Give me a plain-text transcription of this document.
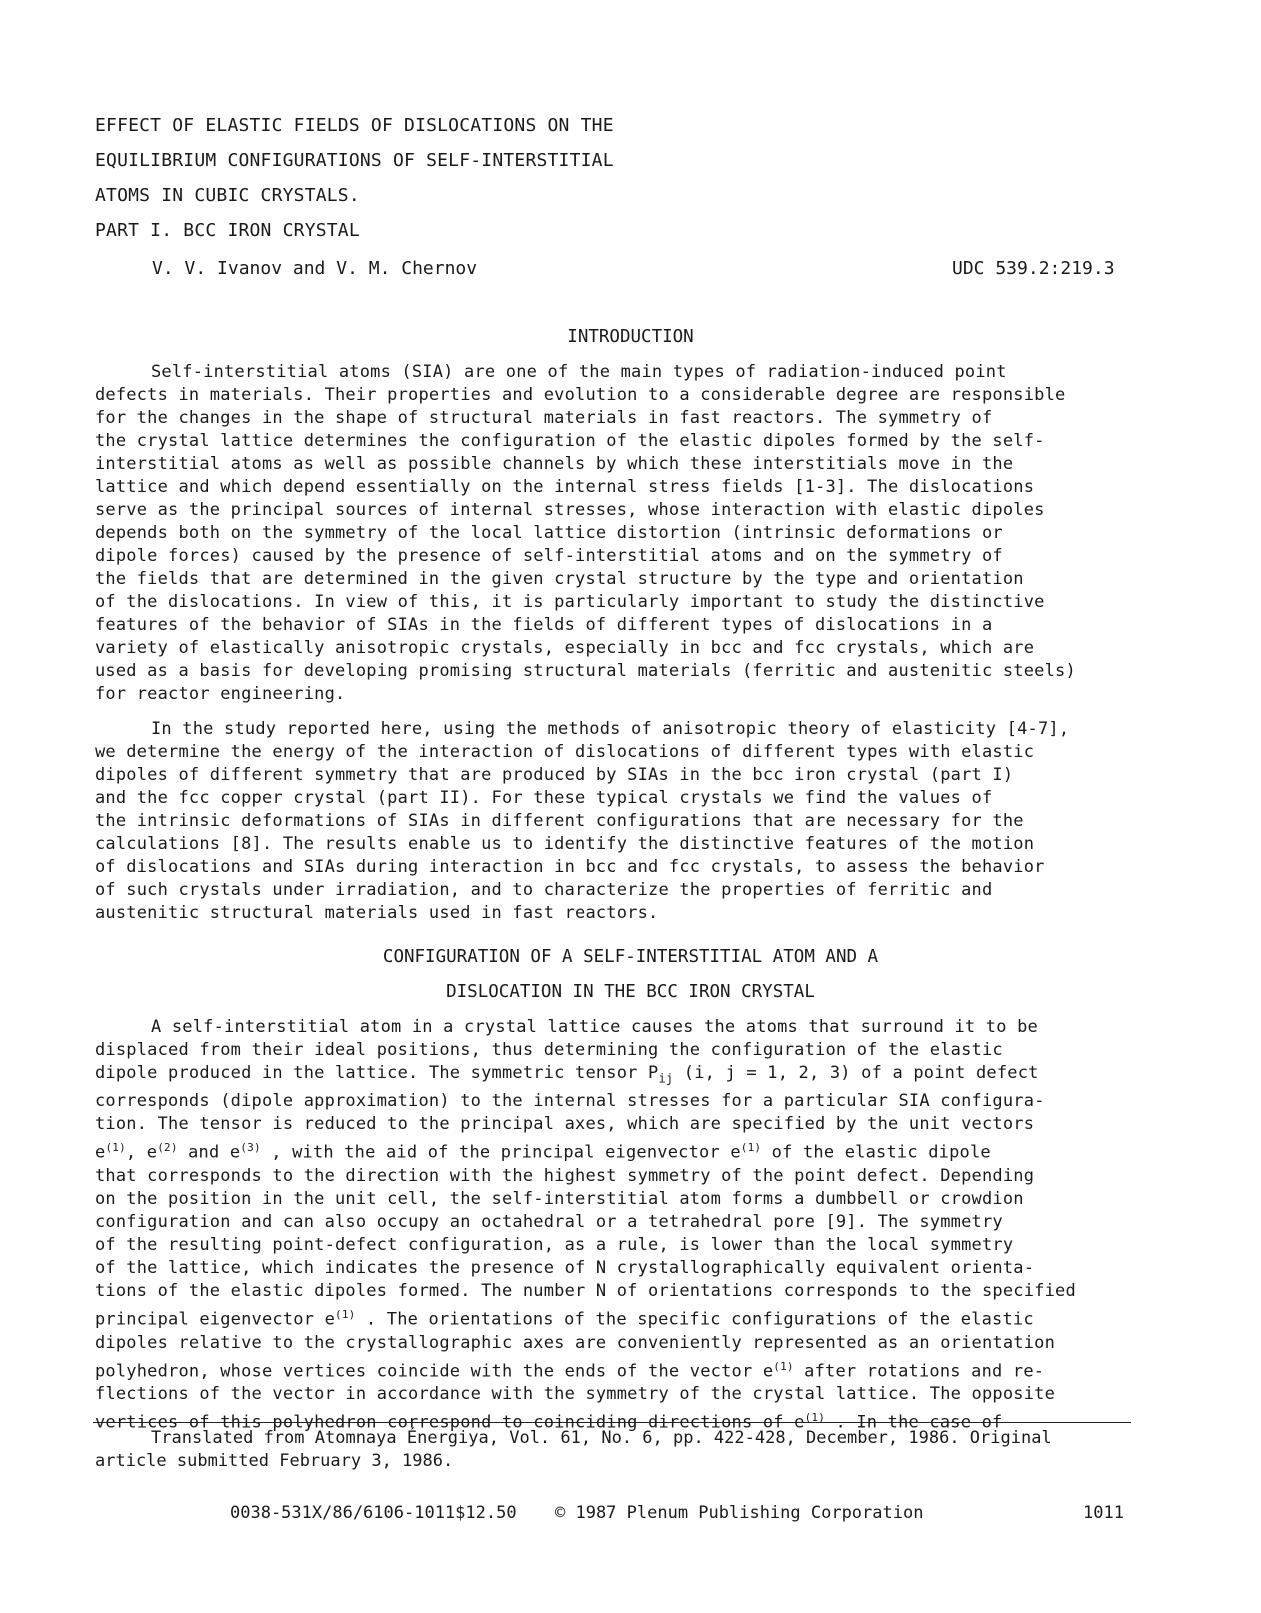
EFFECT OF ELASTIC FIELDS OF DISLOCATIONS ON THE
EQUILIBRIUM CONFIGURATIONS OF SELF-INTERSTITIAL
ATOMS IN CUBIC CRYSTALS.
PART I. BCC IRON CRYSTAL
V. V. Ivanov and V. M. Chernov	UDC 539.2:219.3
INTRODUCTION
Self-interstitial atoms (SIA) are one of the main types of radiation-induced point
defects in materials. Their properties and evolution to a considerable degree are responsible
for the changes in the shape of structural materials in fast reactors. The symmetry of
the crystal lattice determines the configuration of the elastic dipoles formed by the self-
interstitial atoms as well as possible channels by which these interstitials move in the
lattice and which depend essentially on the internal stress fields [1-3]. The dislocations
serve as the principal sources of internal stresses, whose interaction with elastic dipoles
depends both on the symmetry of the local lattice distortion (intrinsic deformations or
dipole forces) caused by the presence of self-interstitial atoms and on the symmetry of
the fields that are determined in the given crystal structure by the type and orientation
of the dislocations. In view of this, it is particularly important to study the distinctive
features of the behavior of SIAs in the fields of different types of dislocations in a
variety of elastically anisotropic crystals, especially in bcc and fcc crystals, which are
used as a basis for developing promising structural materials (ferritic and austenitic steels)
for reactor engineering.
In the study reported here, using the methods of anisotropic theory of elasticity [4-7],
we determine the energy of the interaction of dislocations of different types with elastic
dipoles of different symmetry that are produced by SIAs in the bcc iron crystal (part I)
and the fcc copper crystal (part II). For these typical crystals we find the values of
the intrinsic deformations of SIAs in different configurations that are necessary for the
calculations [8]. The results enable us to identify the distinctive features of the motion
of dislocations and SIAs during interaction in bcc and fcc crystals, to assess the behavior
of such crystals under irradiation, and to characterize the properties of ferritic and
austenitic structural materials used in fast reactors.
CONFIGURATION OF A SELF-INTERSTITIAL ATOM AND A
DISLOCATION IN THE BCC IRON CRYSTAL
A self-interstitial atom in a crystal lattice causes the atoms that surround it to be
displaced from their ideal positions, thus determining the configuration of the elastic
dipole produced in the lattice. The symmetric tensor $P_{ij}$ (i, j = 1, 2, 3) of a point defect
corresponds (dipole approximation) to the internal stresses for a particular SIA configura-
tion. The tensor is reduced to the principal axes, which are specified by the unit vectors
$e^{(1)}$, $e^{(2)}$ and $e^{(3)}$ , with the aid of the principal eigenvector $e^{(1)}$ of the elastic dipole
that corresponds to the direction with the highest symmetry of the point defect. Depending
on the position in the unit cell, the self-interstitial atom forms a dumbbell or crowdion
configuration and can also occupy an octahedral or a tetrahedral pore [9]. The symmetry
of the resulting point-defect configuration, as a rule, is lower than the local symmetry
of the lattice, which indicates the presence of N crystallographically equivalent orienta-
tions of the elastic dipoles formed. The number N of orientations corresponds to the specified
principal eigenvector $e^{(1)}$ . The orientations of the specific configurations of the elastic
dipoles relative to the crystallographic axes are conveniently represented as an orientation
polyhedron, whose vertices coincide with the ends of the vector $e^{(1)}$ after rotations and re-
flections of the vector in accordance with the symmetry of the crystal lattice. The opposite
vertices of this polyhedron correspond to coinciding directions of $e^{(1)}$ . In the case of
Translated from Atomnaya Énergiya, Vol. 61, No. 6, pp. 422-428, December, 1986. Original
article submitted February 3, 1986.
0038-531X/86/6106-1011$12.50 © 1987 Plenum Publishing Corporation	1011
